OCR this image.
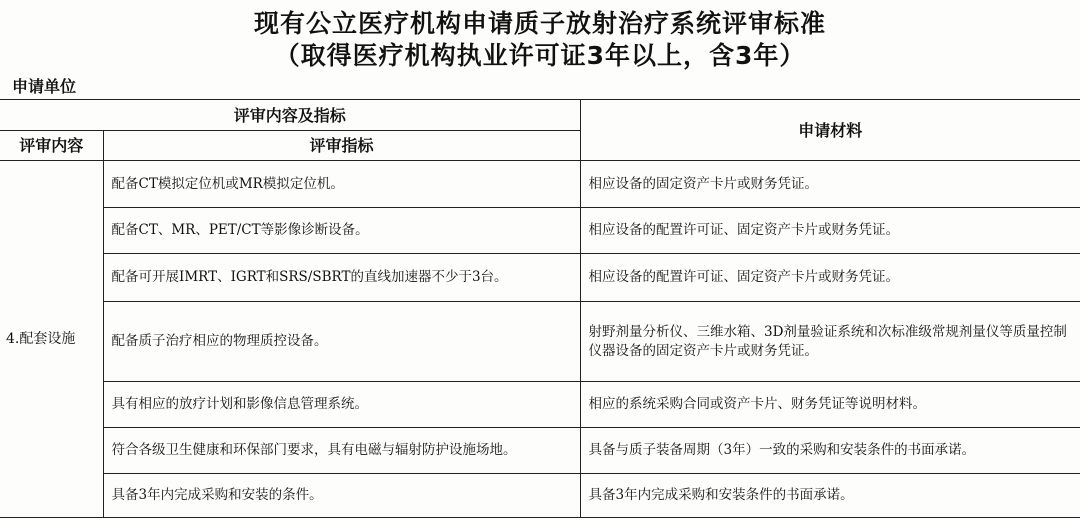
现有公立医疗机构申请质子放射治疗系统评审标准
（取得医疗机构执业许可证3年以上，含3年）
申请单位
评审内容及指标		申请材料
评审内容	评审指标	
4.配套设施	配备CT模拟定位机或MR模拟定位机。	相应设备的固定资产卡片或财务凭证。
	配备CT、MR、PET/CT等影像诊断设备。	相应设备的配置许可证、固定资产卡片或财务凭证。
	配备可开展IMRT、IGRT和SRS/SBRT的直线加速器不少于3台。	相应设备的配置许可证、固定资产卡片或财务凭证。
	配备质子治疗相应的物理质控设备。	射野剂量分析仪、三维水箱、3D剂量验证系统和次标准级常规剂量仪等质量控制仪器设备的固定资产卡片或财务凭证。
	具有相应的放疗计划和影像信息管理系统。	相应的系统采购合同或资产卡片、财务凭证等说明材料。
	符合各级卫生健康和环保部门要求，具有电磁与辐射防护设施场地。	具备与质子装备周期（3年）一致的采购和安装条件的书面承诺。
	具备3年内完成采购和安装的条件。	具备3年内完成采购和安装条件的书面承诺。
